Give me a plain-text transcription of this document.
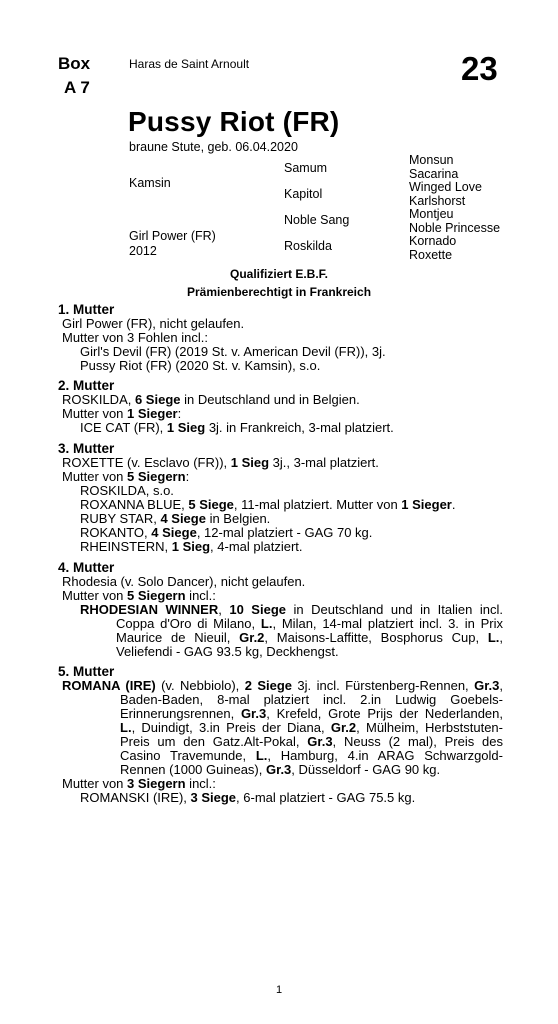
Box
A 7
Haras de Saint Arnoult	23
Pussy Riot (FR)
braune Stute, geb. 06.04.2020
Kamsin
Girl Power (FR)
2012
Samum
Kapitol
Noble Sang
Roskilda
Monsun
Sacarina
Winged Love
Karlshorst
Montjeu
Noble Princesse
Kornado
Roxette
Qualifiziert E.B.F.
Prämienberechtigt in Frankreich
1. Mutter
Girl Power (FR), nicht gelaufen.
Mutter von 3 Fohlen incl.:
Girl's Devil (FR) (2019 St. v. American Devil (FR)), 3j.
Pussy Riot (FR) (2020 St. v. Kamsin), s.o.
2. Mutter
ROSKILDA, 6 Siege in Deutschland und in Belgien.
Mutter von 1 Sieger:
ICE CAT (FR), 1 Sieg 3j. in Frankreich, 3-mal platziert.
3. Mutter
ROXETTE (v. Esclavo (FR)), 1 Sieg 3j., 3-mal platziert.
Mutter von 5 Siegern:
ROSKILDA, s.o.
ROXANNA BLUE, 5 Siege, 11-mal platziert. Mutter von 1 Sieger.
RUBY STAR, 4 Siege in Belgien.
ROKANTO, 4 Siege, 12-mal platziert - GAG 70 kg.
RHEINSTERN, 1 Sieg, 4-mal platziert.
4. Mutter
Rhodesia (v. Solo Dancer), nicht gelaufen.
Mutter von 5 Siegern incl.:
RHODESIAN WINNER, 10 Siege in Deutschland und in Italien incl. Coppa d'Oro di Milano, L., Milan, 14-mal platziert incl. 3. in Prix Maurice de Nieuil, Gr.2, Maisons-Laffitte, Bosphorus Cup, L., Veliefendi - GAG 93.5 kg, Deckhengst.
5. Mutter
ROMANA (IRE) (v. Nebbiolo), 2 Siege 3j. incl. Fürstenberg-Rennen, Gr.3, Baden-Baden, 8-mal platziert incl. 2.in Ludwig Goebels-Erinnerungsrennen, Gr.3, Krefeld, Grote Prijs der Nederlanden, L., Duindigt, 3.in Preis der Diana, Gr.2, Mülheim, Herbststuten-Preis um den Gatz.Alt-Pokal, Gr.3, Neuss (2 mal), Preis des Casino Travemunde, L., Hamburg, 4.in ARAG Schwarzgold-Rennen (1000 Guineas), Gr.3, Düsseldorf - GAG 90 kg.
Mutter von 3 Siegern incl.:
ROMANSKI (IRE), 3 Siege, 6-mal platziert - GAG 75.5 kg.
1
